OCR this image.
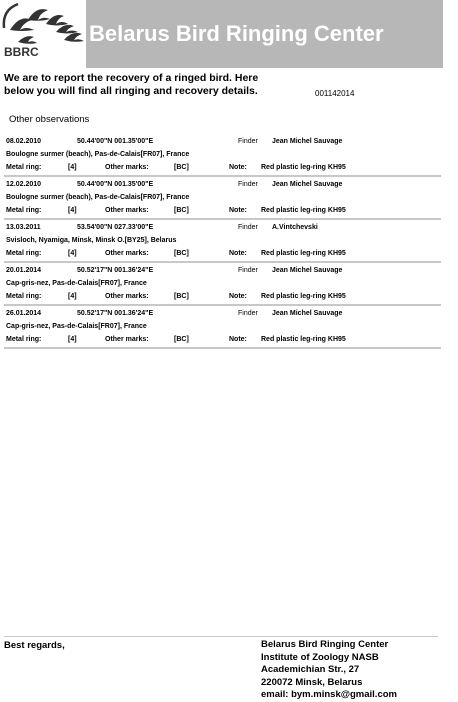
BBRC
Belarus Bird Ringing Center
We are to report the recovery of a ringed bird. Here
below you will find all ringing and recovery details.	001142014
Other observations
08.02.2010	50.44'00"N 001.35'00"E	Finder Jean Michel Sauvage
Boulogne surmer (beach), Pas-de-Calais[FR07], France
Metal ring:	[4]	Other marks:	[BC]	Note: Red plastic leg-ring KH95
12.02.2010	50.44'00"N 001.35'00"E	Finder Jean Michel Sauvage
Boulogne surmer (beach), Pas-de-Calais[FR07], France
Metal ring:	[4]	Other marks:	[BC]	Note: Red plastic leg-ring KH95
13.03.2011	53.54'00"N 027.33'00"E	Finder A.Vintchevski
Svisloch, Nyamiga, Minsk, Minsk O.[BY25], Belarus
Metal ring:	[4]	Other marks:	[BC]	Note: Red plastic leg-ring KH95
20.01.2014	50.52'17"N 001.36'24"E	Finder Jean Michel Sauvage
Cap-gris-nez, Pas-de-Calais[FR07], France
Metal ring:	[4]	Other marks:	[BC]	Note: Red plastic leg-ring KH95
26.01.2014	50.52'17"N 001.36'24"E	Finder Jean Michel Sauvage
Cap-gris-nez, Pas-de-Calais[FR07], France
Metal ring:	[4]	Other marks:	[BC]	Note: Red plastic leg-ring KH95
Best regards,	Belarus Bird Ringing Center
Institute of Zoology NASB
Academichian Str., 27
220072 Minsk, Belarus
email: bym.minsk@gmail.com
